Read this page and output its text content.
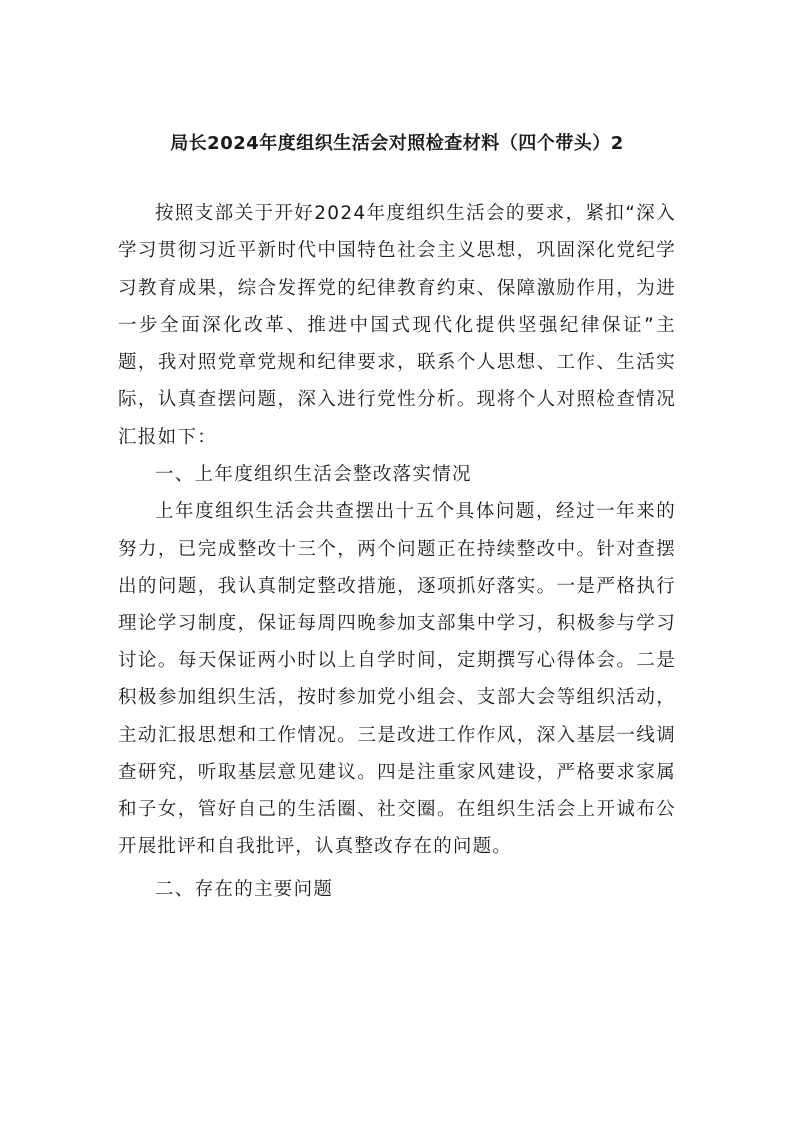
局长2024年度组织生活会对照检查材料（四个带头）2

按照支部关于开好2024年度组织生活会的要求，紧扣“深入学习贯彻习近平新时代中国特色社会主义思想，巩固深化党纪学习教育成果，综合发挥党的纪律教育约束、保障激励作用，为进一步全面深化改革、推进中国式现代化提供坚强纪律保证”主题，我对照党章党规和纪律要求，联系个人思想、工作、生活实际，认真查摆问题，深入进行党性分析。现将个人对照检查情况汇报如下：

一、上年度组织生活会整改落实情况

上年度组织生活会共查摆出十五个具体问题，经过一年来的努力，已完成整改十三个，两个问题正在持续整改中。针对查摆出的问题，我认真制定整改措施，逐项抓好落实。一是严格执行理论学习制度，保证每周四晚参加支部集中学习，积极参与学习讨论。每天保证两小时以上自学时间，定期撰写心得体会。二是积极参加组织生活，按时参加党小组会、支部大会等组织活动，主动汇报思想和工作情况。三是改进工作作风，深入基层一线调查研究，听取基层意见建议。四是注重家风建设，严格要求家属和子女，管好自己的生活圈、社交圈。在组织生活会上开诚布公开展批评和自我批评，认真整改存在的问题。

二、存在的主要问题
